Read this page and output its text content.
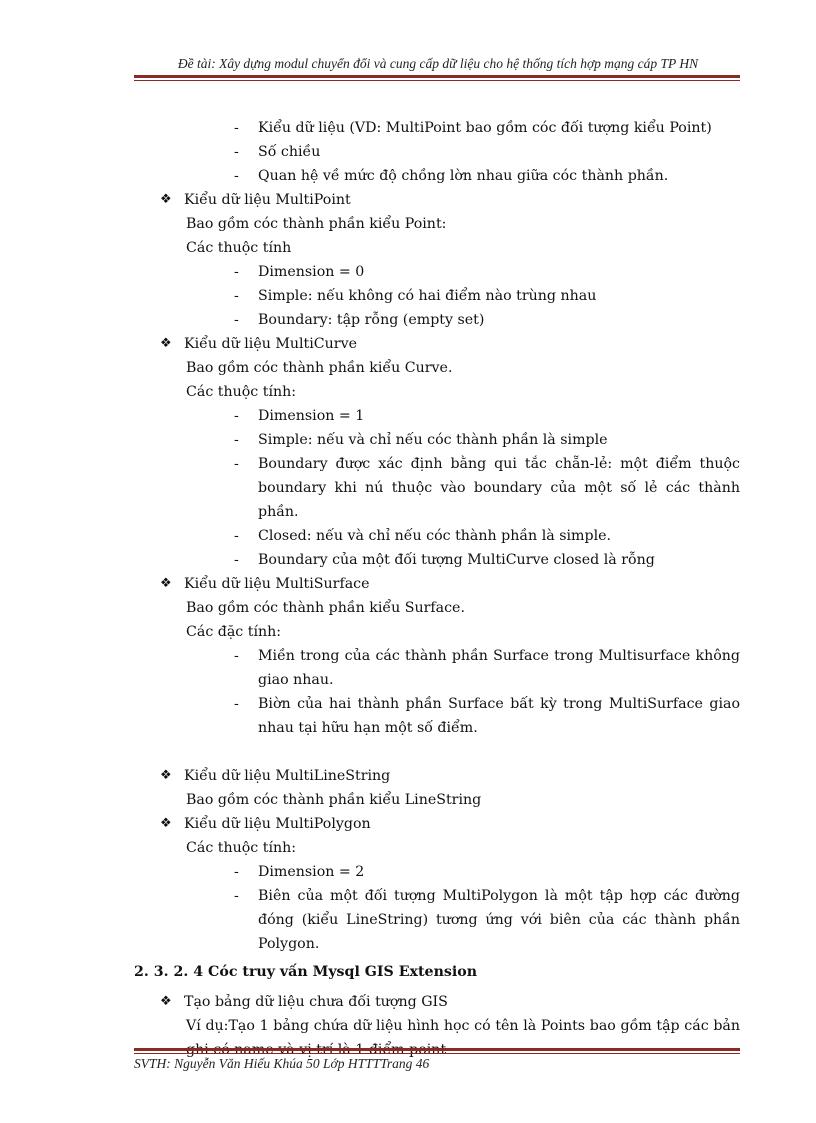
Đề tài: Xây dựng modul chuyển đổi và cung cấp dữ liệu cho hệ thống tích hợp mạng cáp TP HN
- Kiểu dữ liệu (VD: MultiPoint bao gồm cóc đối tượng kiểu Point)
- Số chiều
- Quan hệ về mức độ chồng lờn nhau giữa cóc thành phần.
❖ Kiểu dữ liệu MultiPoint
Bao gồm cóc thành phần kiểu Point:
Các thuộc tính
- Dimension = 0
- Simple: nếu không có hai điểm nào trùng nhau
- Boundary: tập rỗng (empty set)
❖ Kiểu dữ liệu MultiCurve
Bao gồm cóc thành phần kiểu Curve.
Các thuộc tính:
- Dimension = 1
- Simple: nếu và chỉ nếu cóc thành phần là simple
- Boundary được xác định bằng qui tắc chẵn-lẻ: một điểm thuộc boundary khi nú thuộc vào boundary của một số lẻ các thành phần.
- Closed: nếu và chỉ nếu cóc thành phần là simple.
- Boundary của một đối tượng MultiCurve closed là rỗng
❖ Kiểu dữ liệu MultiSurface
Bao gồm cóc thành phần kiểu Surface.
Các đặc tính:
- Miền trong của các thành phần Surface trong Multisurface không giao nhau.
- Biờn của hai thành phần Surface bất kỳ trong MultiSurface giao nhau tại hữu hạn một số điểm.
❖ Kiểu dữ liệu MultiLineString
Bao gồm cóc thành phần kiểu LineString
❖ Kiểu dữ liệu MultiPolygon
Các thuộc tính:
- Dimension = 2
- Biên của một đối tượng MultiPolygon là một tập hợp các đường đóng (kiểu LineString) tương ứng với biên của các thành phần Polygon.
2. 3. 2. 4 Cóc truy vấn Mysql GIS Extension
❖ Tạo bảng dữ liệu chưa đối tượng GIS
Ví dụ:Tạo 1 bảng chứa dữ liệu hình học có tên là Points bao gồm tập các bản
SVTH: Nguyễn Văn Hiếu Khúa 50 Lớp HTTTTrang 46
